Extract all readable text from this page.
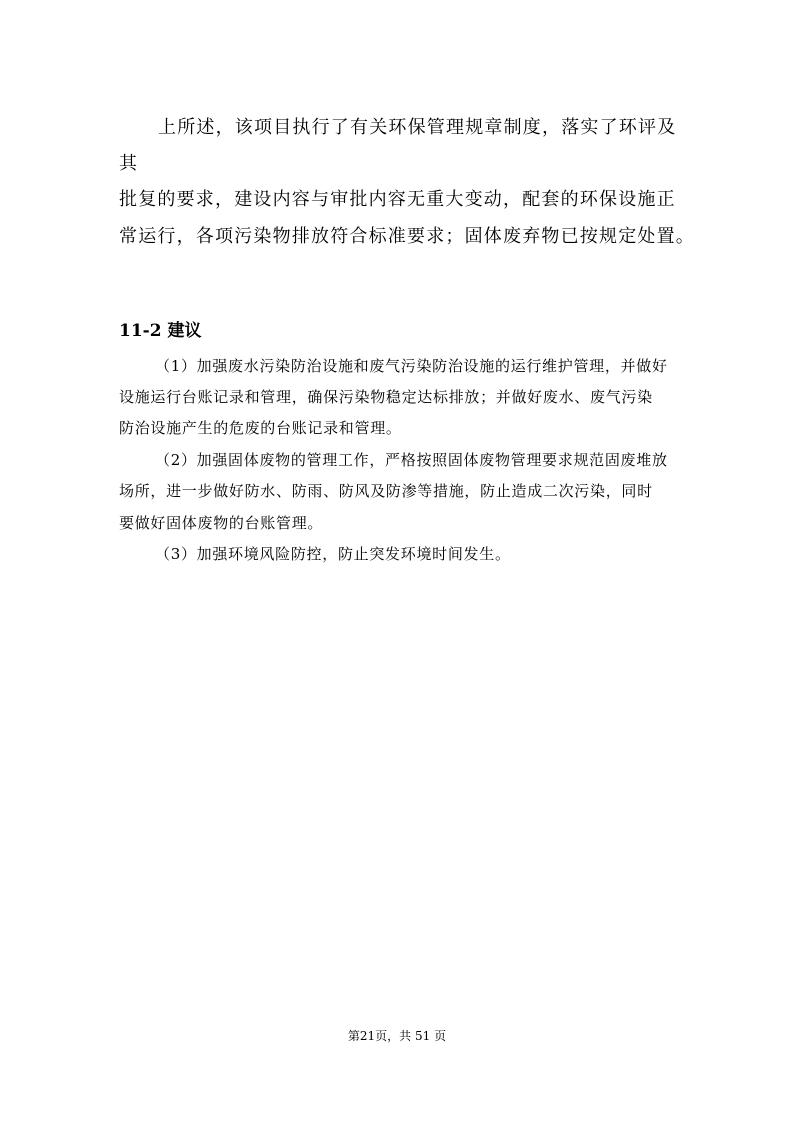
上所述，该项目执行了有关环保管理规章制度，落实了环评及
其
批复的要求，建设内容与审批内容无重大变动，配套的环保设施正
常运行，各项污染物排放符合标准要求；固体废弃物已按规定处置。
11-2 建议
（1）加强废水污染防治设施和废气污染防治设施的运行维护管理，并做好
设施运行台账记录和管理，确保污染物稳定达标排放；并做好废水、废气污染
防治设施产生的危废的台账记录和管理。
（2）加强固体废物的管理工作，严格按照固体废物管理要求规范固废堆放
场所，进一步做好防水、防雨、防风及防渗等措施，防止造成二次污染，同时
要做好固体废物的台账管理。
（3）加强环境风险防控，防止突发环境时间发生。
第21页，共 51 页
